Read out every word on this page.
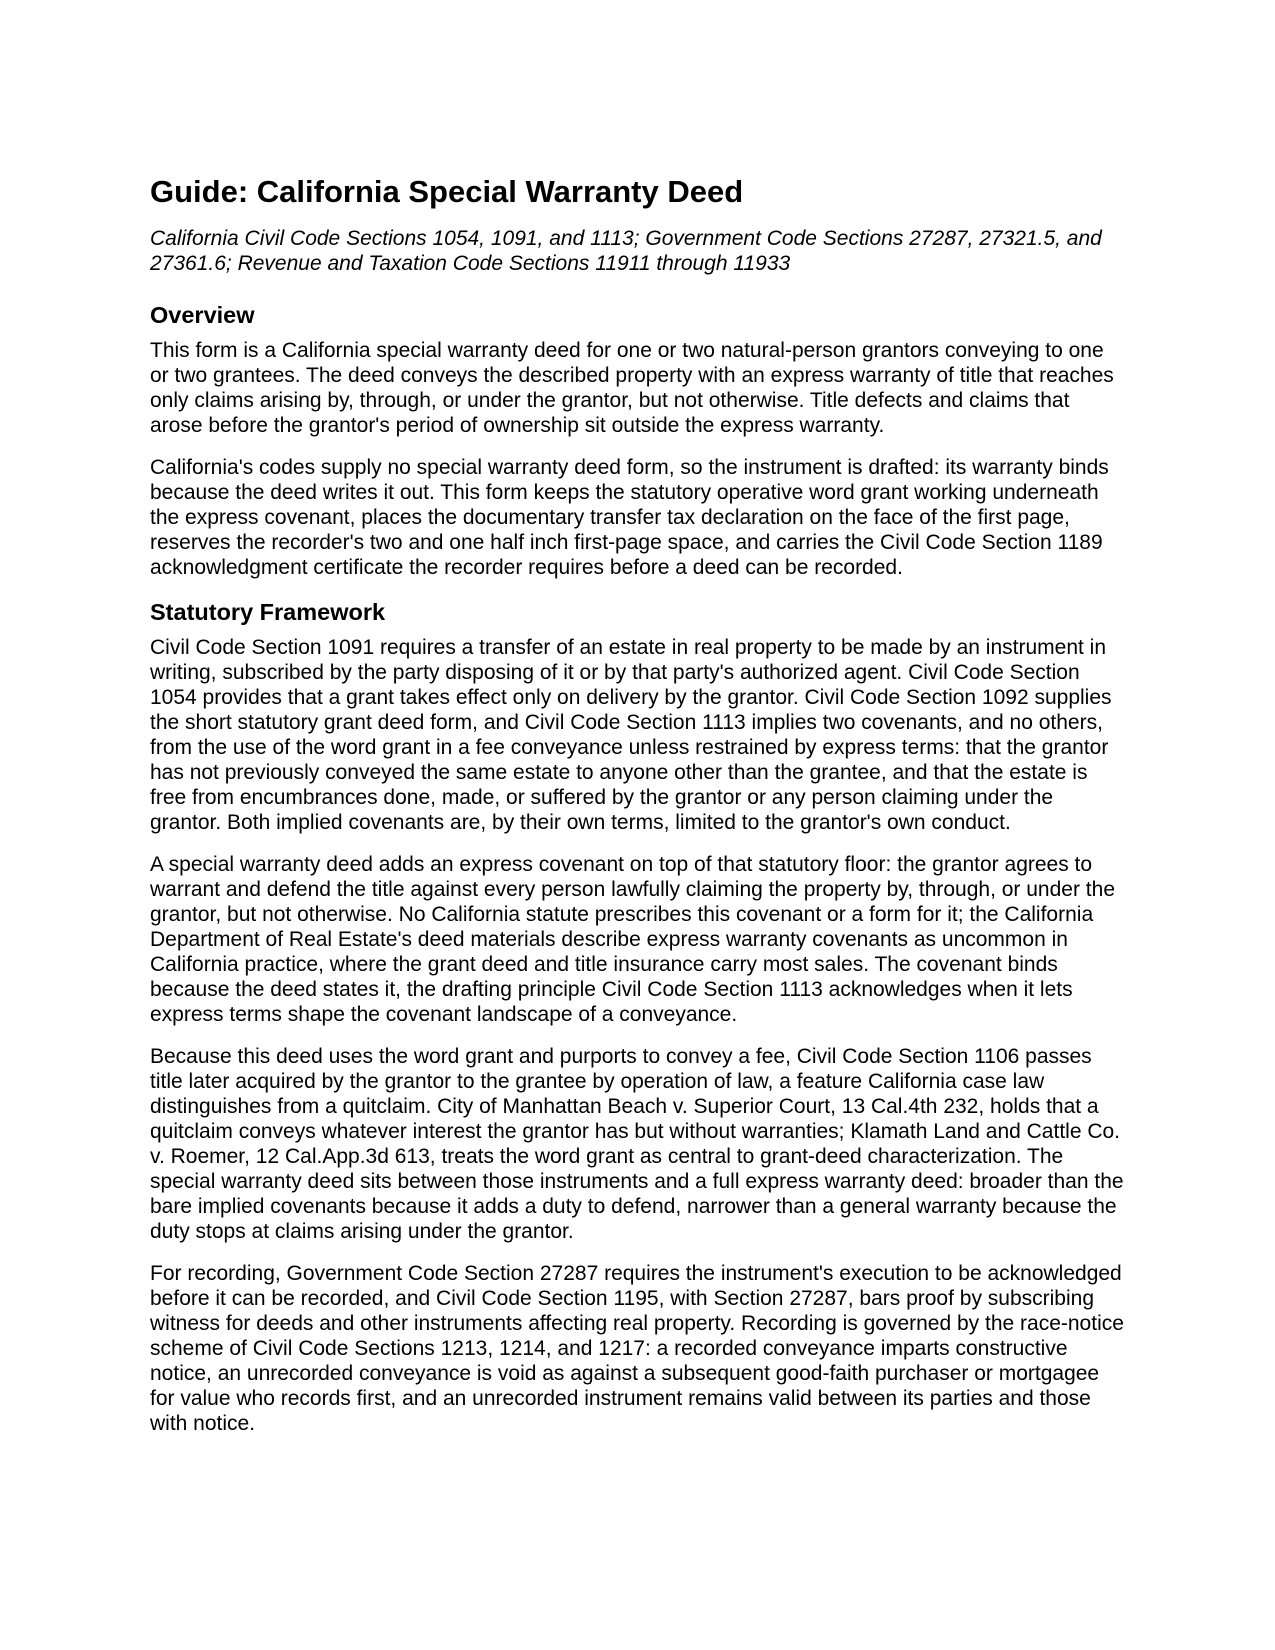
Guide: California Special Warranty Deed

California Civil Code Sections 1054, 1091, and 1113; Government Code Sections 27287, 27321.5, and 27361.6; Revenue and Taxation Code Sections 11911 through 11933

Overview

This form is a California special warranty deed for one or two natural-person grantors conveying to one or two grantees. The deed conveys the described property with an express warranty of title that reaches only claims arising by, through, or under the grantor, but not otherwise. Title defects and claims that arose before the grantor's period of ownership sit outside the express warranty.

California's codes supply no special warranty deed form, so the instrument is drafted: its warranty binds because the deed writes it out. This form keeps the statutory operative word grant working underneath the express covenant, places the documentary transfer tax declaration on the face of the first page, reserves the recorder's two and one half inch first-page space, and carries the Civil Code Section 1189 acknowledgment certificate the recorder requires before a deed can be recorded.

Statutory Framework

Civil Code Section 1091 requires a transfer of an estate in real property to be made by an instrument in writing, subscribed by the party disposing of it or by that party's authorized agent. Civil Code Section 1054 provides that a grant takes effect only on delivery by the grantor. Civil Code Section 1092 supplies the short statutory grant deed form, and Civil Code Section 1113 implies two covenants, and no others, from the use of the word grant in a fee conveyance unless restrained by express terms: that the grantor has not previously conveyed the same estate to anyone other than the grantee, and that the estate is free from encumbrances done, made, or suffered by the grantor or any person claiming under the grantor. Both implied covenants are, by their own terms, limited to the grantor's own conduct.

A special warranty deed adds an express covenant on top of that statutory floor: the grantor agrees to warrant and defend the title against every person lawfully claiming the property by, through, or under the grantor, but not otherwise. No California statute prescribes this covenant or a form for it; the California Department of Real Estate's deed materials describe express warranty covenants as uncommon in California practice, where the grant deed and title insurance carry most sales. The covenant binds because the deed states it, the drafting principle Civil Code Section 1113 acknowledges when it lets express terms shape the covenant landscape of a conveyance.

Because this deed uses the word grant and purports to convey a fee, Civil Code Section 1106 passes title later acquired by the grantor to the grantee by operation of law, a feature California case law distinguishes from a quitclaim. City of Manhattan Beach v. Superior Court, 13 Cal.4th 232, holds that a quitclaim conveys whatever interest the grantor has but without warranties; Klamath Land and Cattle Co. v. Roemer, 12 Cal.App.3d 613, treats the word grant as central to grant-deed characterization. The special warranty deed sits between those instruments and a full express warranty deed: broader than the bare implied covenants because it adds a duty to defend, narrower than a general warranty because the duty stops at claims arising under the grantor.

For recording, Government Code Section 27287 requires the instrument's execution to be acknowledged before it can be recorded, and Civil Code Section 1195, with Section 27287, bars proof by subscribing witness for deeds and other instruments affecting real property. Recording is governed by the race-notice scheme of Civil Code Sections 1213, 1214, and 1217: a recorded conveyance imparts constructive notice, an unrecorded conveyance is void as against a subsequent good-faith purchaser or mortgagee for value who records first, and an unrecorded instrument remains valid between its parties and those with notice.
